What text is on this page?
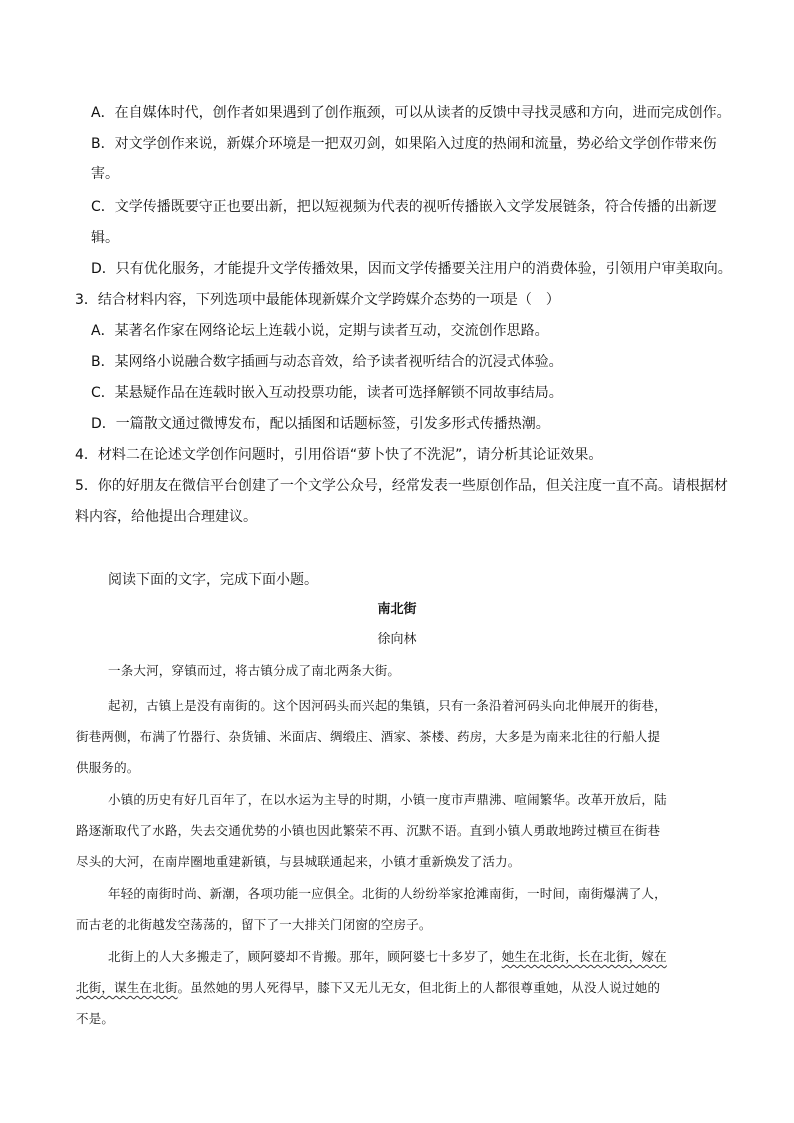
A．在自媒体时代，创作者如果遇到了创作瓶颈，可以从读者的反馈中寻找灵感和方向，进而完成创作。
B．对文学创作来说，新媒介环境是一把双刃剑，如果陷入过度的热闹和流量，势必给文学创作带来伤
害。
C．文学传播既要守正也要出新，把以短视频为代表的视听传播嵌入文学发展链条，符合传播的出新逻
辑。
D．只有优化服务，才能提升文学传播效果，因而文学传播要关注用户的消费体验，引领用户审美取向。
3．结合材料内容，下列选项中最能体现新媒介文学跨媒介态势的一项是（　）
A．某著名作家在网络论坛上连载小说，定期与读者互动，交流创作思路。
B．某网络小说融合数字插画与动态音效，给予读者视听结合的沉浸式体验。
C．某悬疑作品在连载时嵌入互动投票功能，读者可选择解锁不同故事结局。
D．一篇散文通过微博发布，配以插图和话题标签，引发多形式传播热潮。
4．材料二在论述文学创作问题时，引用俗语“萝卜快了不洗泥”，请分析其论证效果。
5．你的好朋友在微信平台创建了一个文学公众号，经常发表一些原创作品，但关注度一直不高。请根据材
料内容，给他提出合理建议。
阅读下面的文字，完成下面小题。
南北街
徐向林
一条大河，穿镇而过，将古镇分成了南北两条大街。
起初，古镇上是没有南街的。这个因河码头而兴起的集镇，只有一条沿着河码头向北伸展开的街巷，
街巷两侧，布满了竹器行、杂货铺、米面店、绸缎庄、酒家、茶楼、药房，大多是为南来北往的行船人提
供服务的。
小镇的历史有好几百年了，在以水运为主导的时期，小镇一度市声鼎沸、喧闹繁华。改革开放后，陆
路逐渐取代了水路，失去交通优势的小镇也因此繁荣不再、沉默不语。直到小镇人勇敢地跨过横亘在街巷
尽头的大河，在南岸圈地重建新镇，与县城联通起来，小镇才重新焕发了活力。
年轻的南街时尚、新潮，各项功能一应俱全。北街的人纷纷举家抢滩南街，一时间，南街爆满了人，
而古老的北街越发空荡荡的，留下了一大排关门闭窗的空房子。
北街上的人大多搬走了，顾阿婆却不肯搬。那年，顾阿婆七十多岁了，她生在北街，长在北街，嫁在
北街，谋生在北街。虽然她的男人死得早，膝下又无儿无女，但北街上的人都很尊重她，从没人说过她的
不是。
